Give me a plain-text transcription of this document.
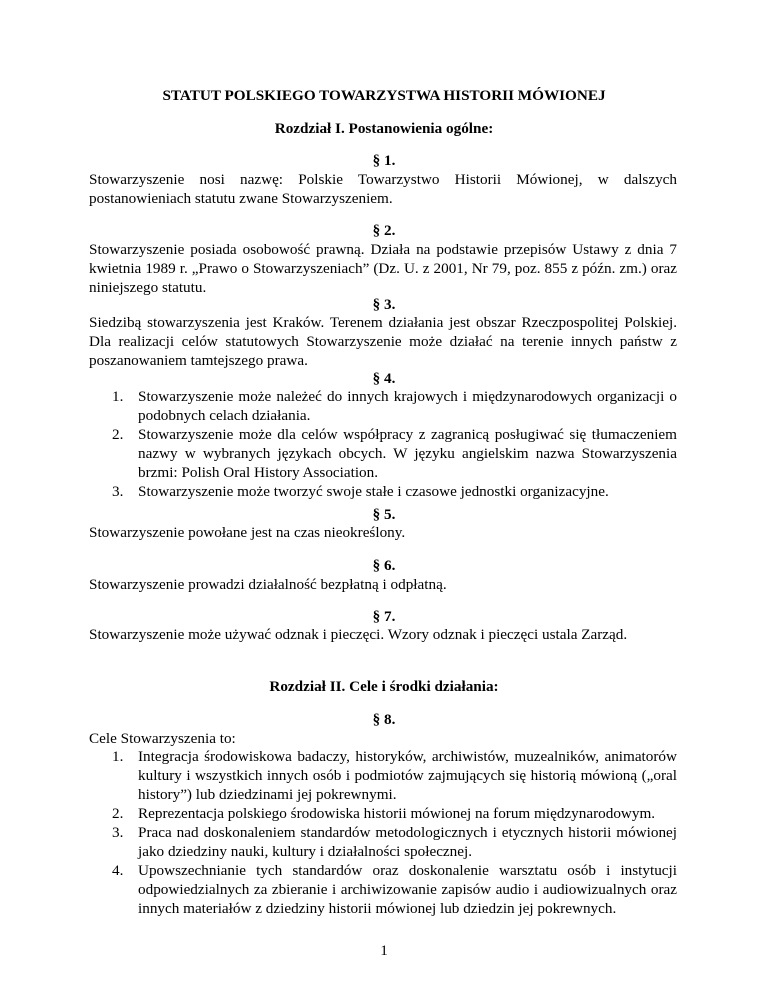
STATUT POLSKIEGO TOWARZYSTWA HISTORII MÓWIONEJ
Rozdział I. Postanowienia ogólne:
§ 1.
Stowarzyszenie nosi nazwę: Polskie Towarzystwo Historii Mówionej, w dalszych postanowieniach statutu zwane Stowarzyszeniem.
§ 2.
Stowarzyszenie posiada osobowość prawną. Działa na podstawie przepisów Ustawy z dnia 7 kwietnia 1989 r. „Prawo o Stowarzyszeniach” (Dz. U. z 2001, Nr 79, poz. 855 z późn. zm.) oraz niniejszego statutu.
§ 3.
Siedzibą stowarzyszenia jest Kraków. Terenem działania jest obszar Rzeczpospolitej Polskiej. Dla realizacji celów statutowych Stowarzyszenie może działać na terenie innych państw z poszanowaniem tamtejszego prawa.
§ 4.
1. Stowarzyszenie może należeć do innych krajowych i międzynarodowych organizacji o podobnych celach działania.
2. Stowarzyszenie może dla celów współpracy z zagranicą posługiwać się tłumaczeniem nazwy w wybranych językach obcych. W języku angielskim nazwa Stowarzyszenia brzmi: Polish Oral History Association.
3. Stowarzyszenie może tworzyć swoje stałe i czasowe jednostki organizacyjne.
§ 5.
Stowarzyszenie powołane jest na czas nieokreślony.
§ 6.
Stowarzyszenie prowadzi działalność bezpłatną i odpłatną.
§ 7.
Stowarzyszenie może używać odznak i pieczęci. Wzory odznak i pieczęci ustala Zarząd.
Rozdział II. Cele i środki działania:
§ 8.
Cele Stowarzyszenia to:
1. Integracja środowiskowa badaczy, historyków, archiwistów, muzealników, animatorów kultury i wszystkich innych osób i podmiotów zajmujących się historią mówioną („oral history”) lub dziedzinami jej pokrewnymi.
2. Reprezentacja polskiego środowiska historii mówionej na forum międzynarodowym.
3. Praca nad doskonaleniem standardów metodologicznych i etycznych historii mówionej jako dziedziny nauki, kultury i działalności społecznej.
4. Upowszechnianie tych standardów oraz doskonalenie warsztatu osób i instytucji odpowiedzialnych za zbieranie i archiwizowanie zapisów audio i audiowizualnych oraz innych materiałów z dziedziny historii mówionej lub dziedzin jej pokrewnych.
1
